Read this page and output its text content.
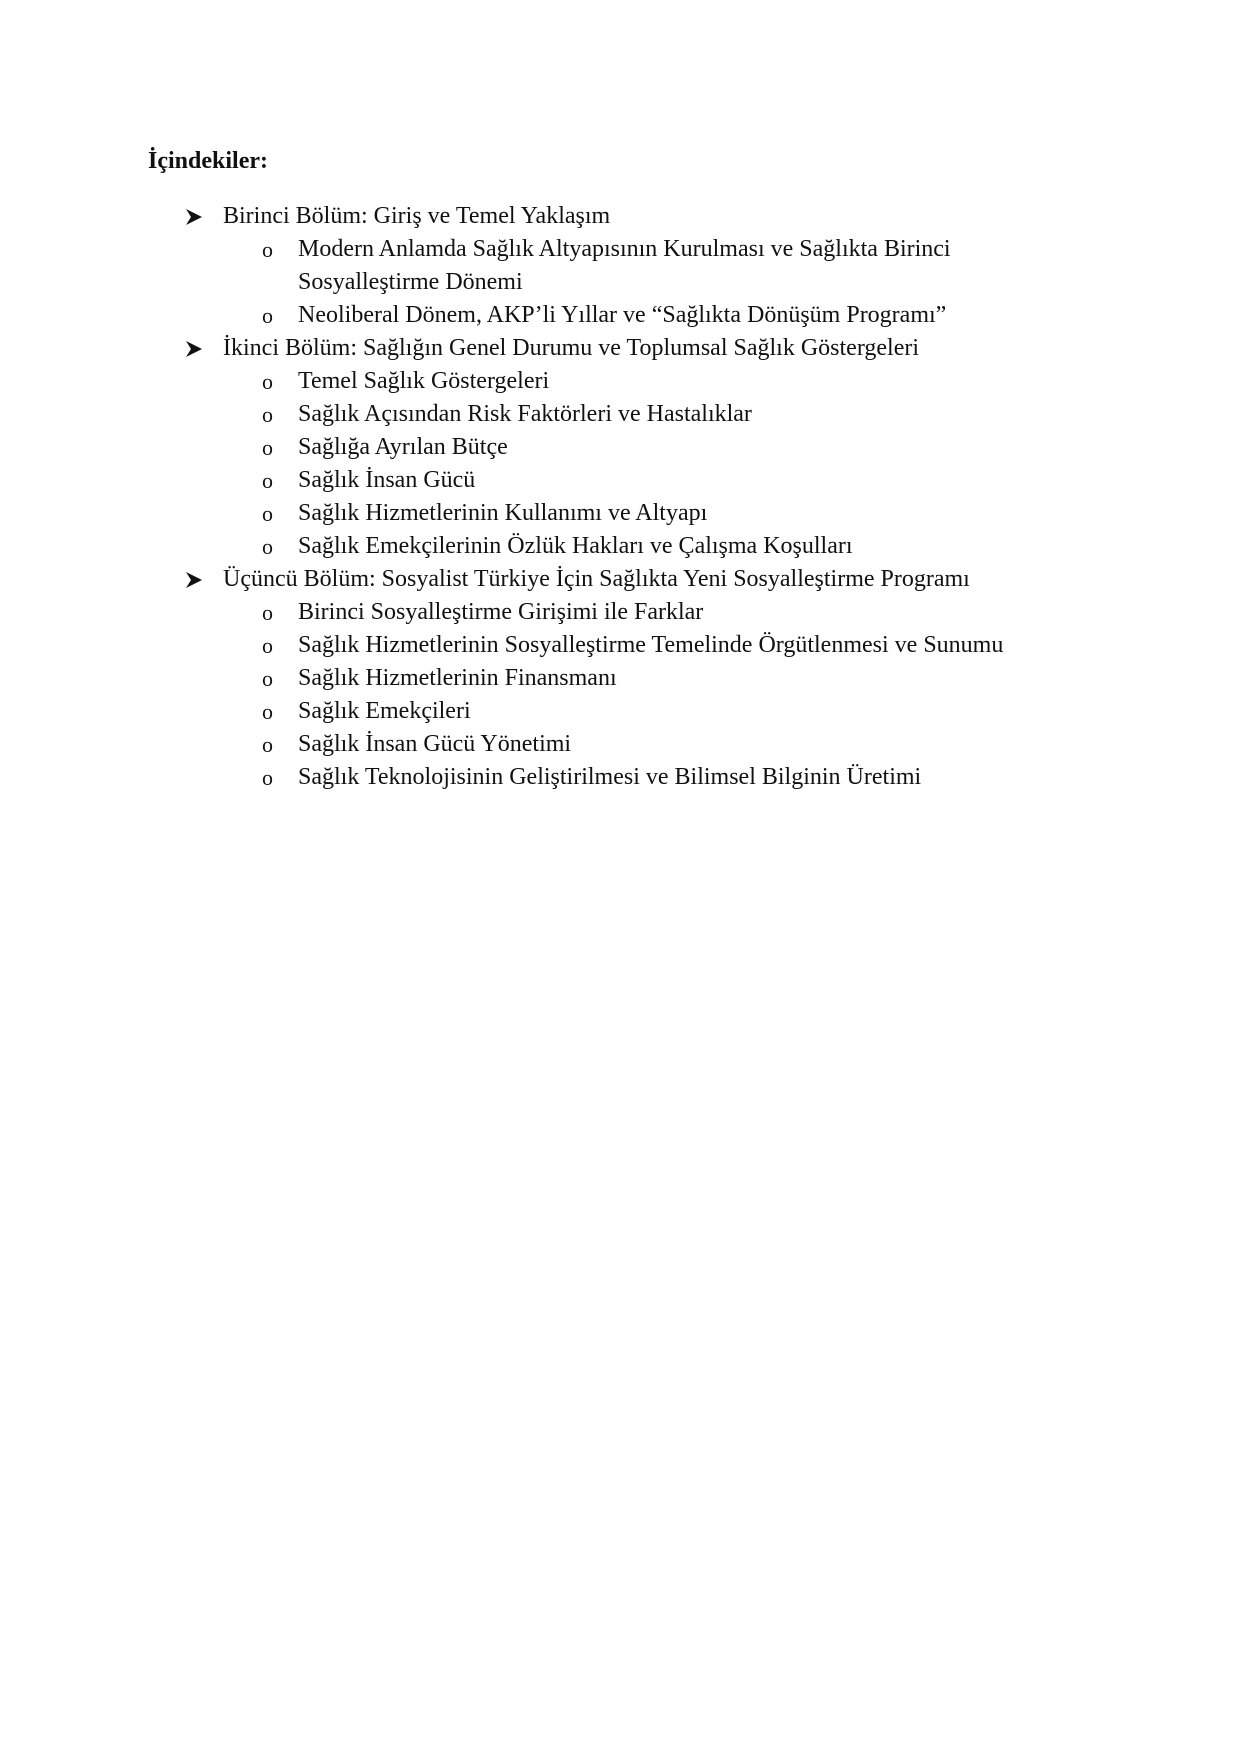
İçindekiler:
Birinci Bölüm: Giriş ve Temel Yaklaşım
o Modern Anlamda Sağlık Altyapısının Kurulması ve Sağlıkta Birinci Sosyalleştirme Dönemi
o Neoliberal Dönem, AKP’li Yıllar ve “Sağlıkta Dönüşüm Programı”
İkinci Bölüm: Sağlığın Genel Durumu ve Toplumsal Sağlık Göstergeleri
o Temel Sağlık Göstergeleri
o Sağlık Açısından Risk Faktörleri ve Hastalıklar
o Sağlığa Ayrılan Bütçe
o Sağlık İnsan Gücü
o Sağlık Hizmetlerinin Kullanımı ve Altyapı
o Sağlık Emekçilerinin Özlük Hakları ve Çalışma Koşulları
Üçüncü Bölüm: Sosyalist Türkiye İçin Sağlıkta Yeni Sosyalleştirme Programı
o Birinci Sosyalleştirme Girişimi ile Farklar
o Sağlık Hizmetlerinin Sosyalleştirme Temelinde Örgütlenmesi ve Sunumu
o Sağlık Hizmetlerinin Finansmanı
o Sağlık Emekçileri
o Sağlık İnsan Gücü Yönetimi
o Sağlık Teknolojisinin Geliştirilmesi ve Bilimsel Bilginin Üretimi
